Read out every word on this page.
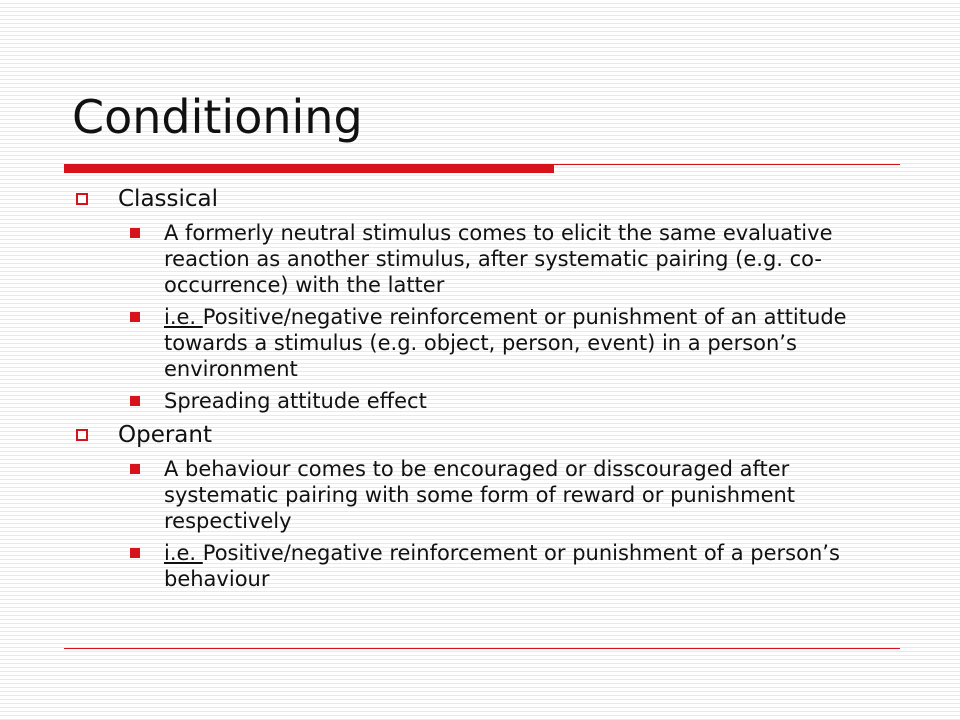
Conditioning
Classical
A formerly neutral stimulus comes to elicit the same evaluative reaction as another stimulus, after systematic pairing (e.g. co-occurrence) with the latter
i.e. Positive/negative reinforcement or punishment of an attitude towards a stimulus (e.g. object, person, event) in a person’s environment
Spreading attitude effect
Operant
A behaviour comes to be encouraged or disscouraged after systematic pairing with some form of reward or punishment respectively
i.e. Positive/negative reinforcement or punishment of a person’s behaviour
